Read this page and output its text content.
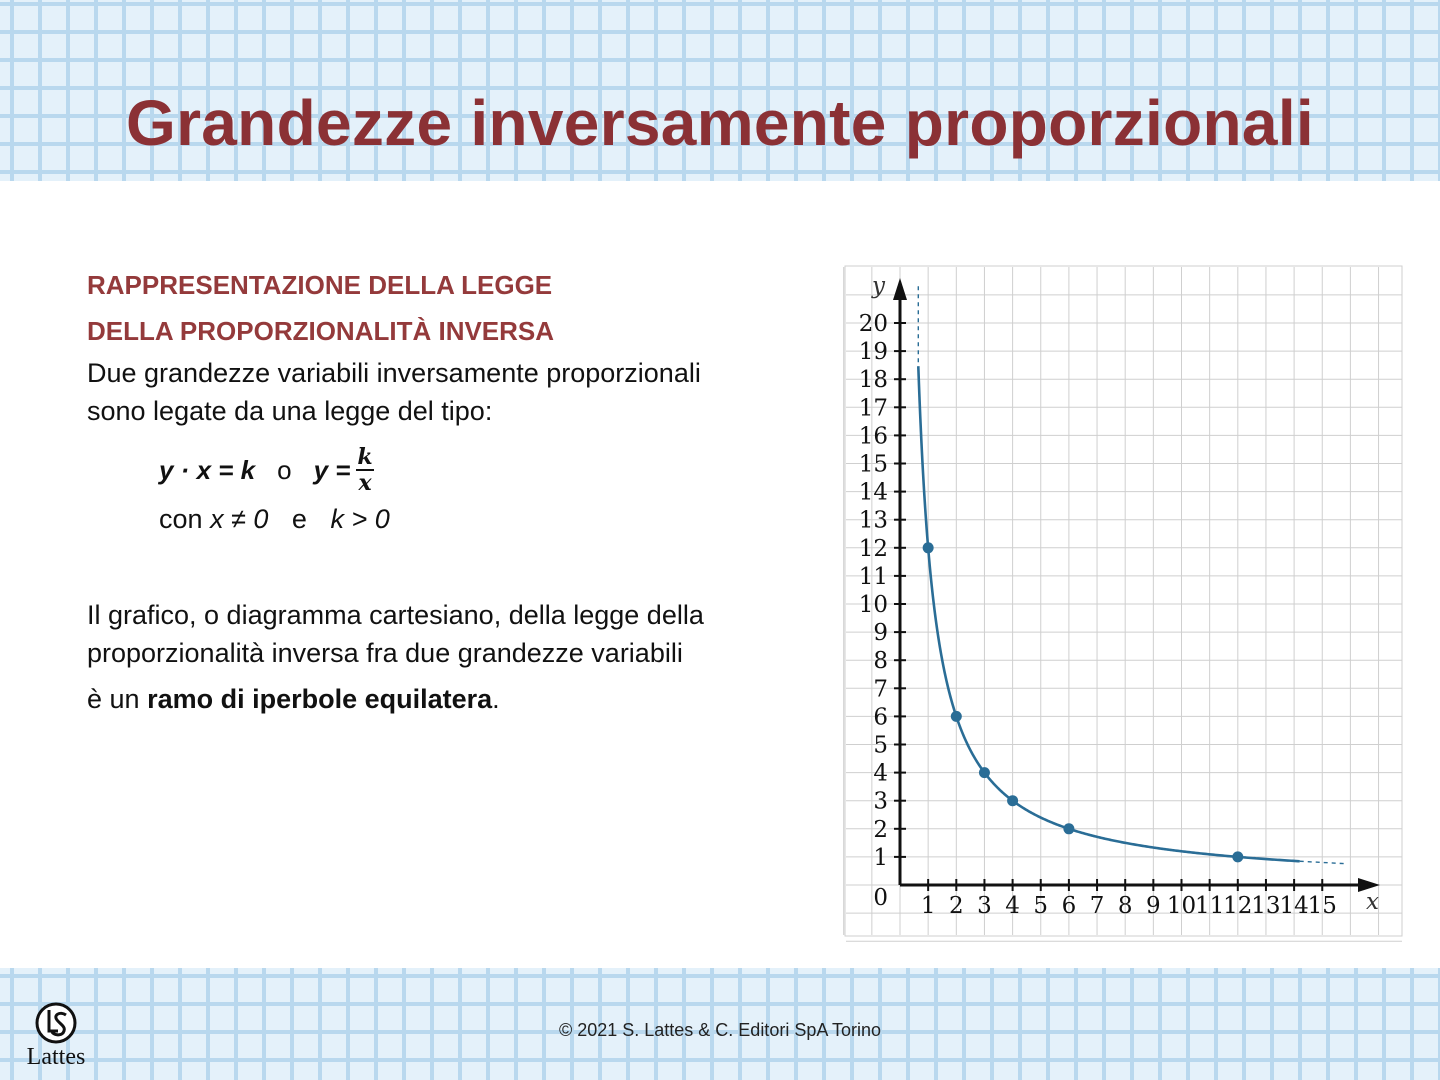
Grandezze inversamente proporzionali

RAPPRESENTAZIONE DELLA LEGGE

DELLA PROPORZIONALITÀ INVERSA

Due grandezze variabili inversamente proporzionali

sono legate da una legge del tipo:

y · x = k o $y = \frac{k}{x}$
con x ≠ 0 e k > 0

Il grafico, o diagramma cartesiano, della legge della

proporzionalità inversa fra due grandezze variabili

è un ramo di iperbole equilatera.

1 2 3 4 5 6 7 8 9 10
11
12
13
14
15
1
2
3
4
5
6
7
8
9
10
11
12
13
14
15
16
17
18
19
20
0	x
y
Lattes
© 2021 S. Lattes & C. Editori SpA Torino
